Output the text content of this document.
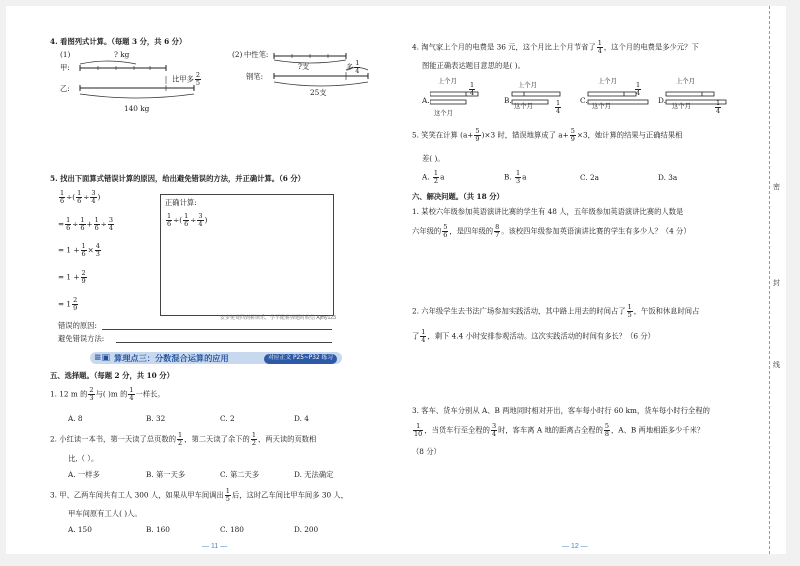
4. 看图列式计算。（每题 3 分，共 6 分）
(1)	? kg
甲:
乙:
比甲多 $\frac{2}{5}$
140 kg
(2) 中性笔:
钢笔:
?支	多 $\frac{1}{4}$
25支
5. 找出下面算式错误计算的原因，给出避免错误的方法，并正确计算。（6 分）
$\frac{1}{6}$ ÷( $\frac{1}{6} \div \frac{3}{4}$ )
= $\frac{1}{6} \div \frac{1}{6} + \frac{1}{6} \div \frac{3}{4}$
= $1 + \frac{1}{6} \times \frac{4}{3}$
= $1 + \frac{2}{9}$
= $1 \frac{2}{9}$
正确计算:
$\frac{1}{6}$ ÷( $\frac{1}{6} \div \frac{3}{4}$ )
安步免费回到耕读乐，学平配耕弹题时候信 Ajmy123
错误的原因:
避免错误方法:
≡▣ 算理点三：分数混合运算的应用	对应正文 P25~P32 练习
五、选择题。（每题 2 分，共 10 分）
1. 12 m 的 $\frac{2}{3}$ 与( )m 的 $\frac{1}{4}$ 一样长。
A. 8	B. 32	C. 2	D. 4
2. 小红读一本书，第一天读了总页数的 $\frac{1}{2}$ ，第二天读了余下的 $\frac{1}{2}$ ，两天读的页数相
比,（ ）。
A. 一样多	B. 第一天多	C. 第二天多	D. 无法确定
3. 甲、乙两车间共有工人 300 人，如果从甲车间调出 $\frac{1}{5}$ 后，这时乙车间比甲车间多 30 人，
甲车间原有工人( )人。
A. 150	B. 160	C. 180	D. 200
— 11 —
4. 淘气家上个月的电费是 36 元，这个月比上个月节省了 $\frac{1}{4}$ ，这个月的电费是多少元？下
图能正确表达题目意思的是( )。
A.	B.	C.	D.
上个月
这个月
上个月
这个月
上个月
这个月
上个月
这个月
$\frac{1}{4}$
$\frac{1}{4}$
$\frac{1}{4}$
$\frac{1}{4}$
5. 笑笑在计算 $(a+ \frac{5}{9} )\times 3$ 时，错误地算成了 $a+ \frac{5}{9} \times 3$，她计算的结果与正确结果相
差( )。
A. $\frac{1}{2}$ a	B. $\frac{1}{3}$ a	C. 2a	D. 3a
六、解决问题。（共 18 分）
1. 某校六年级参加英语演讲比赛的学生有 48 人，五年级参加英语演讲比赛的人数是
六年级的 $\frac{5}{6}$ ，是四年级的 $\frac{8}{7}$ 。该校四年级参加英语演讲比赛的学生有多少人？（4 分）
2. 六年级学生去书法广场参加实践活动，其中路上用去的时间占了 $\frac{1}{5}$ ，午饭和休息时间占
了 $\frac{1}{4}$ ，剩下 4.4 小时安排参观活动。这次实践活动的时间有多长？（6 分）
3. 客车、货车分别从 A、B 两地同时相对开出，客车每小时行 60 km，货车每小时行全程的
$\frac{1}{10}$ ，当货车行至全程的 $\frac{3}{4}$ 时，客车离 A 地的距离占全程的 $\frac{5}{8}$ ，A、B 两地相距多少千米？
（8 分）
— 12 —
密
封
线
